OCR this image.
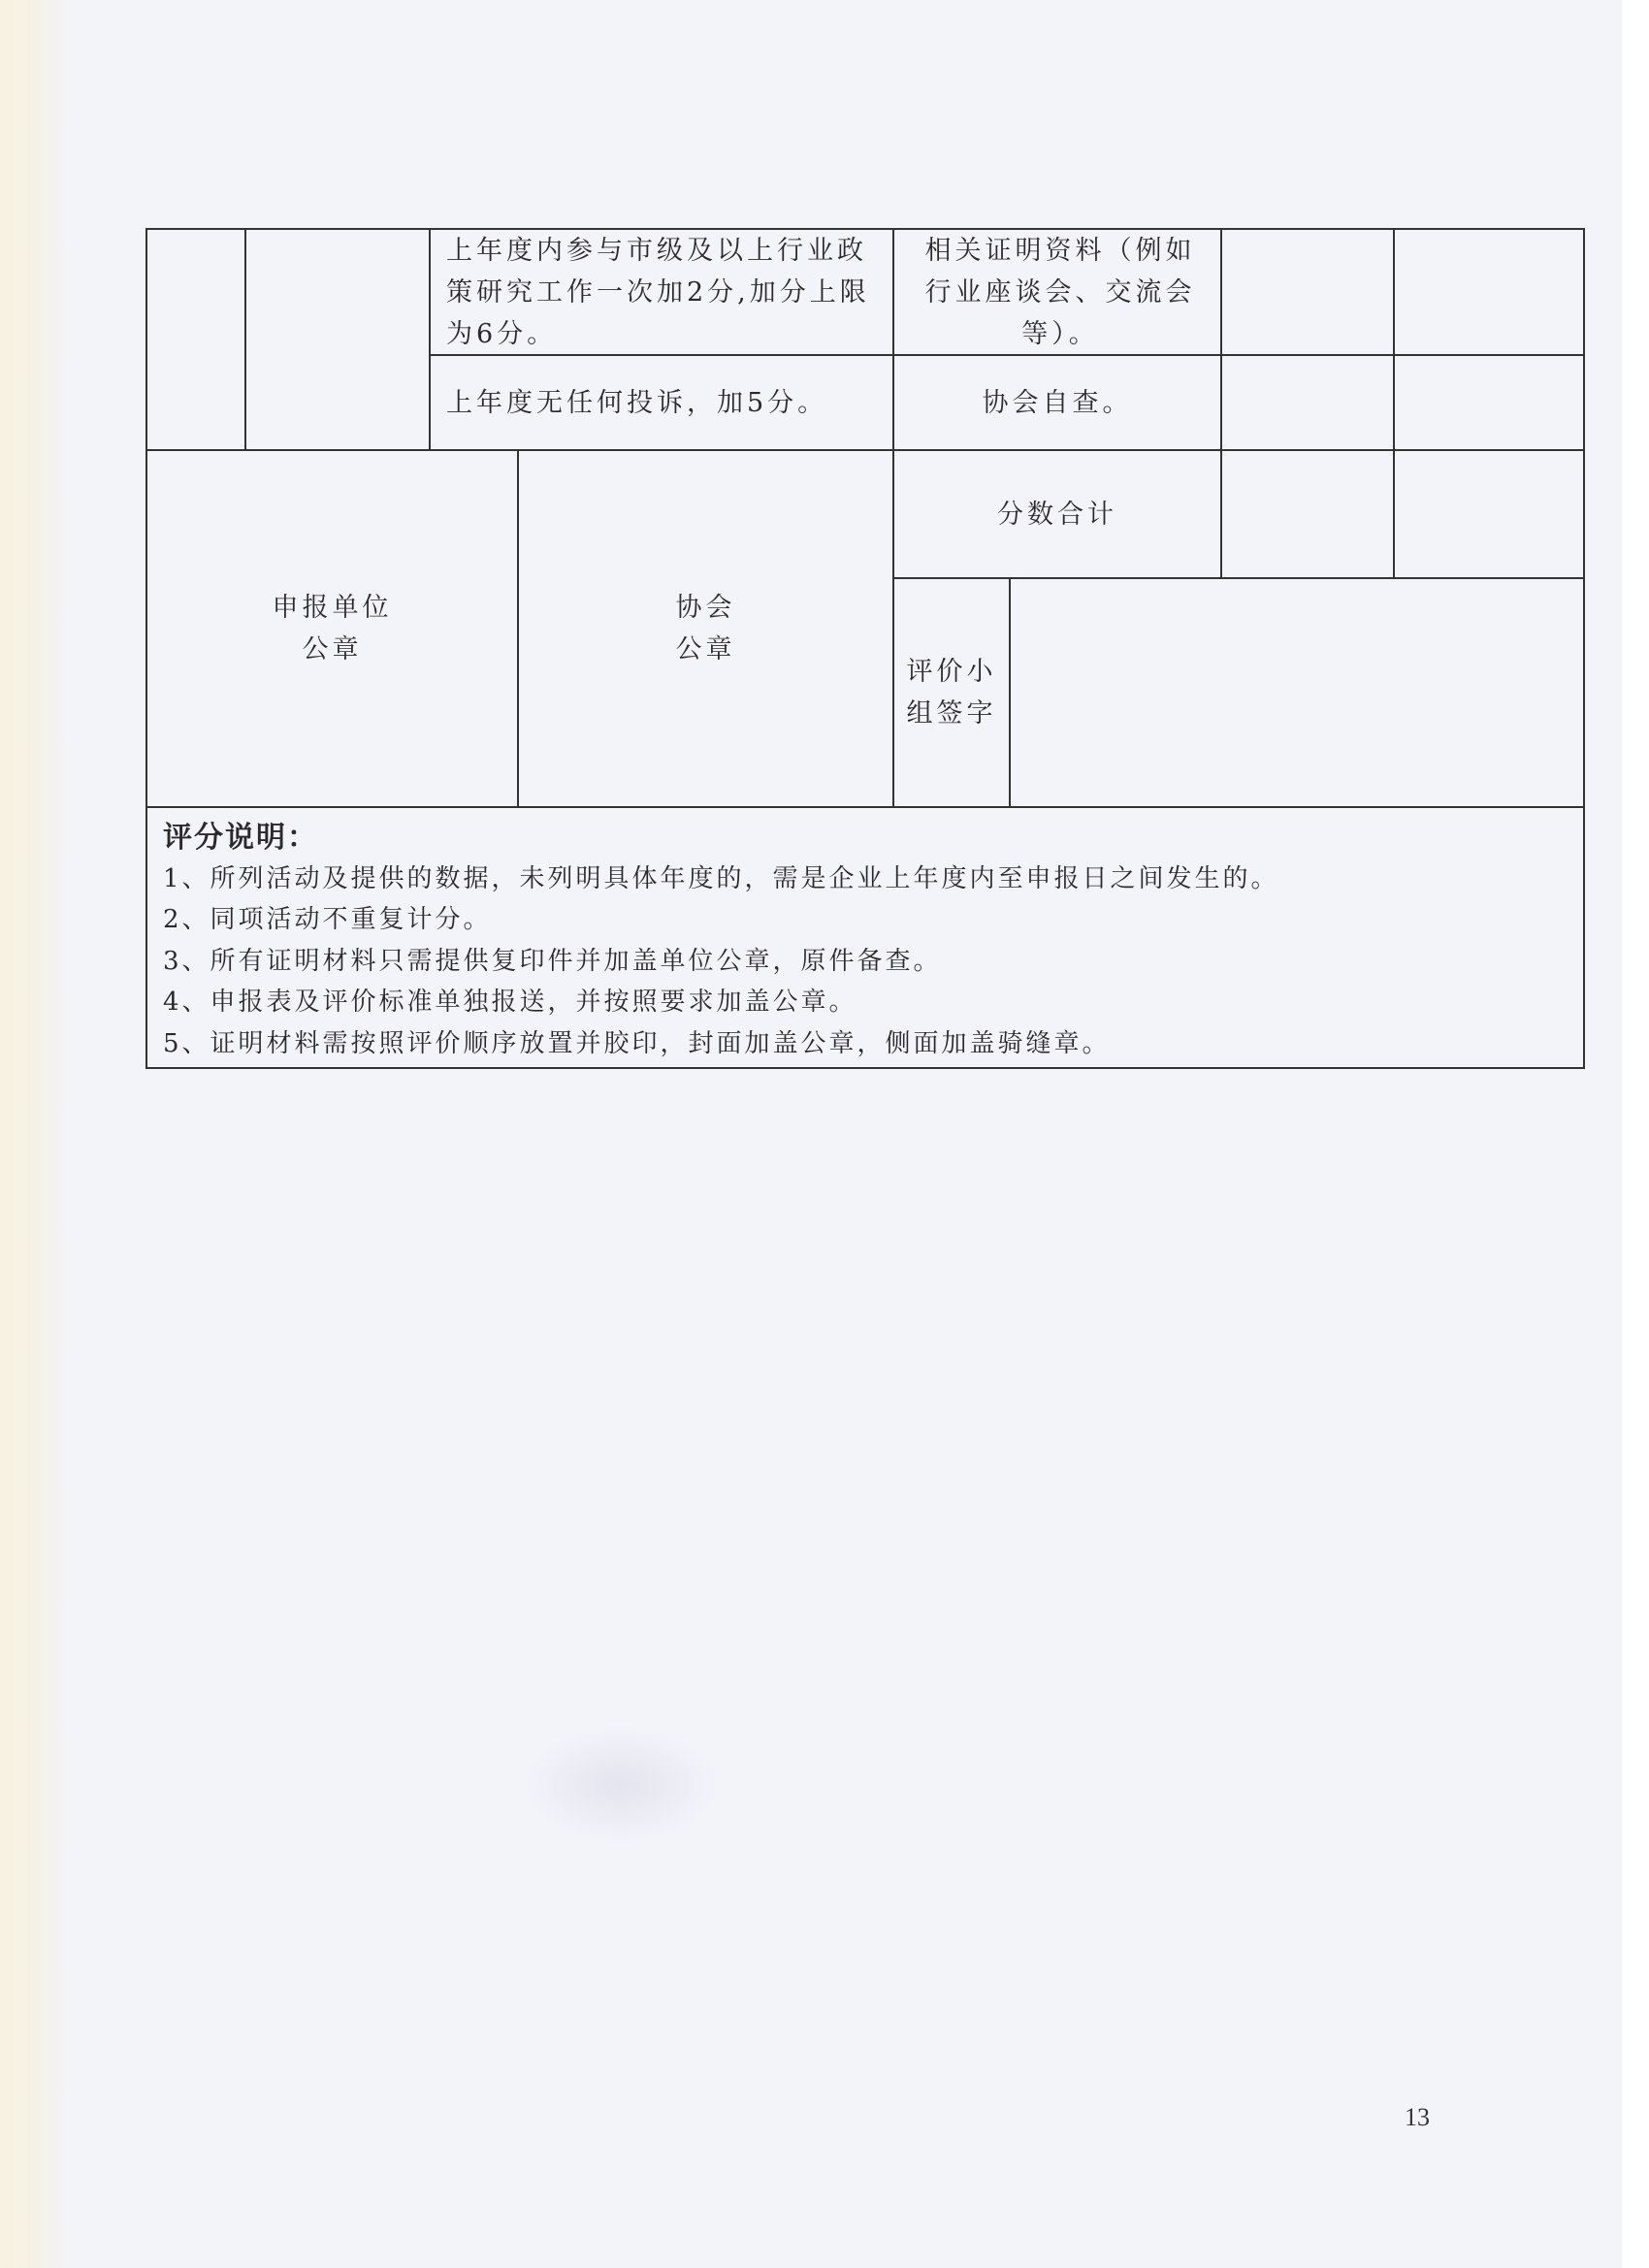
上年度内参与市级及以上行业政策研究工作一次加2分,加分上限为6分。
相关证明资料（例如行业座谈会、交流会等）。
上年度无任何投诉，加5分。	协会自查。
申报单位
公章
协会
公章
分数合计
评价小
组签字
评分说明：
1、所列活动及提供的数据，未列明具体年度的，需是企业上年度内至申报日之间发生的。
2、同项活动不重复计分。
3、所有证明材料只需提供复印件并加盖单位公章，原件备查。
4、申报表及评价标准单独报送，并按照要求加盖公章。
5、证明材料需按照评价顺序放置并胶印，封面加盖公章，侧面加盖骑缝章。
13
